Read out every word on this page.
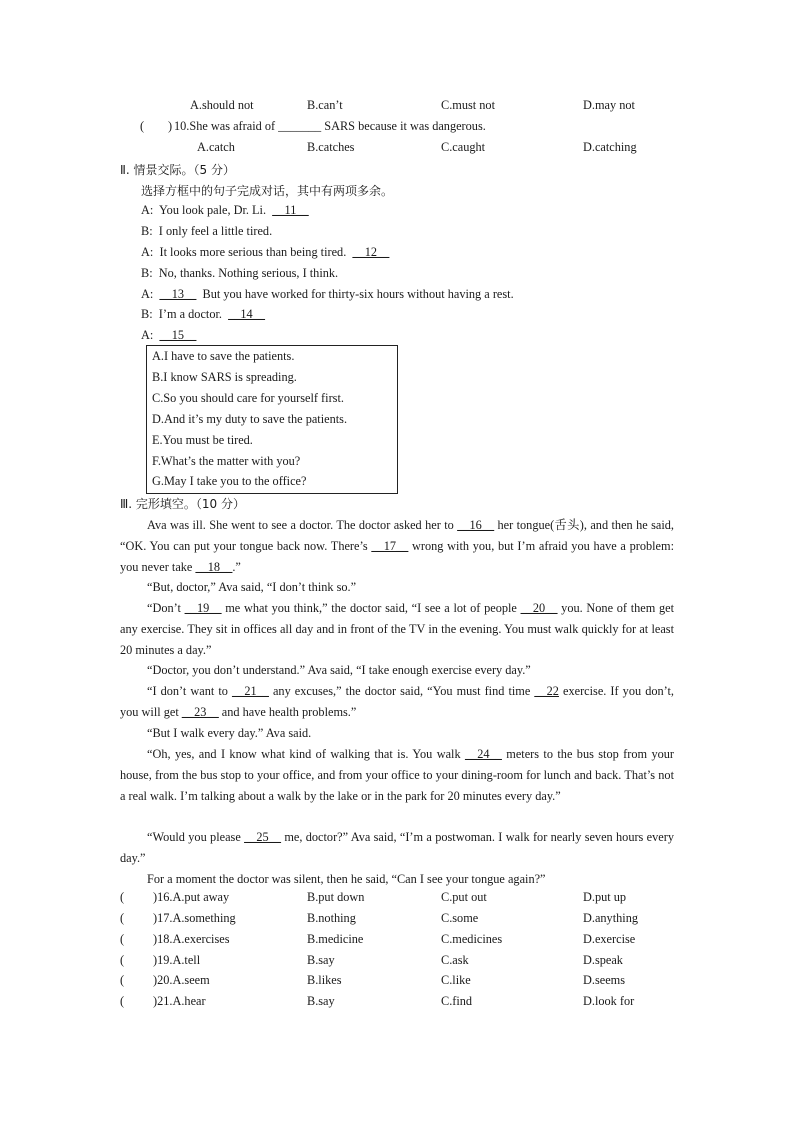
A.should not	B.can’t	C.must not	D.may not
( ) 10.She was afraid of _______ SARS because it was dangerous.
A.catch	B.catches	C.caught	D.catching
Ⅱ. 情景交际。（5 分）
选择方框中的句子完成对话，其中有两项多余。
A: You look pale, Dr. Li. __11__
B: I only feel a little tired.
A: It looks more serious than being tired. __12__
B: No, thanks. Nothing serious, I think.
A: __13__ But you have worked for thirty-six hours without having a rest.
B: I’m a doctor. __14__
A: __15__
A.I have to save the patients.
B.I know SARS is spreading.
C.So you should care for yourself first.
D.And it’s my duty to save the patients.
E.You must be tired.
F.What’s the matter with you?
G.May I take you to the office?
Ⅲ. 完形填空。（10 分）
Ava was ill. She went to see a doctor. The doctor asked her to __16__ her tongue(舌头), and then he said, “OK. You can put your tongue back now. There’s __17__ wrong with you, but I’m afraid you have a problem: you never take __18__.”
“But, doctor,” Ava said, “I don’t think so.”
“Don’t __19__ me what you think,” the doctor said, “I see a lot of people __20__ you. None of them get any exercise. They sit in offices all day and in front of the TV in the evening. You must walk quickly for at least 20 minutes a day.”
“Doctor, you don’t understand.” Ava said, “I take enough exercise every day.”
“I don’t want to __21__ any excuses,” the doctor said, “You must find time __22 exercise. If you don’t, you will get __23__ and have health problems.”
“But I walk every day.” Ava said.
“Oh, yes, and I know what kind of walking that is. You walk __24__ meters to the bus stop from your house, from the bus stop to your office, and from your office to your dining-room for lunch and back. That’s not a real walk. I’m talking about a walk by the lake or in the park for 20 minutes every day.”
“Would you please __25__ me, doctor?” Ava said, “I’m a postwoman. I walk for nearly seven hours every day.”
For a moment the doctor was silent, then he said, “Can I see your tongue again?”
( )16.A.put away	B.put down	C.put out	D.put up
( )17.A.something	B.nothing	C.some	D.anything
( )18.A.exercises	B.medicine	C.medicines	D.exercise
( )19.A.tell	B.say	C.ask	D.speak
( )20.A.seem	B.likes	C.like	D.seems
( )21.A.hear	B.say	C.find	D.look for
